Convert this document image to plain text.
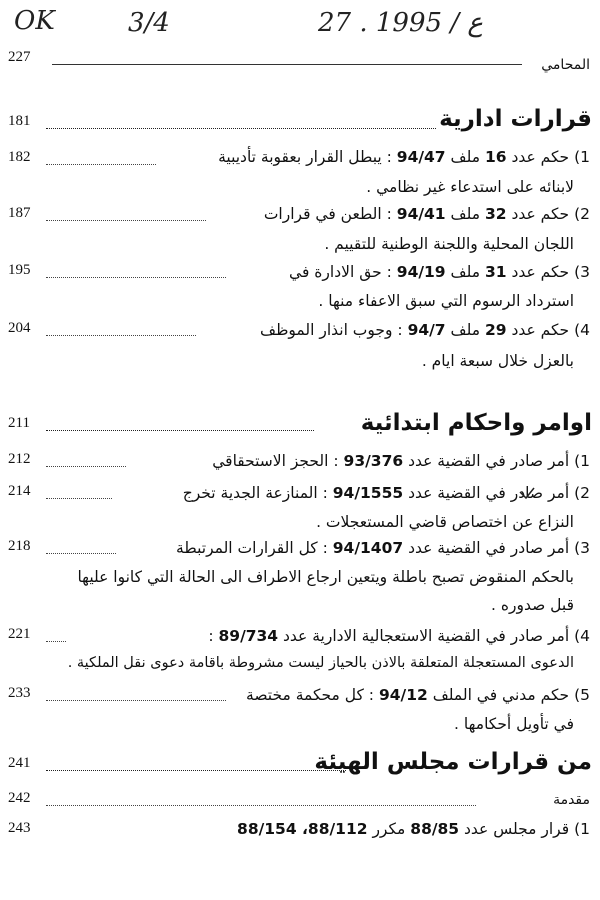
OK	3/4	27 . ع / 1995
227	المحامي
181	قرارات ادارية
182	1) حكم عدد 16 ملف 94/47 : يبطل القرار بعقوبة تأديبية
لابنائه على استدعاء غير نظامي .
187	2) حكم عدد 32 ملف 94/41 : الطعن في قرارات
اللجان المحلية واللجنة الوطنية للتقييم .
195	3) حكم عدد 31 ملف 94/19 : حق الادارة في
استرداد الرسوم التي سبق الاعفاء منها .
204	4) حكم عدد 29 ملف 94/7 : وجوب انذار الموظف
بالعزل خلال سبعة ايام .
211	اوامر واحكام ابتدائية
212	1) أمر صادر في القضية عدد 93/376 : الحجز الاستحقاقي
214	2) أمر صادر في القضية عدد 94/1555 : المنازعة الجدية تخرج
النزاع عن اختصاص قاضي المستعجلات .
218	3) أمر صادر في القضية عدد 94/1407 : كل القرارات المرتبطة
بالحكم المنقوض تصبح باطلة ويتعين ارجاع الاطراف الى الحالة التي كانوا عليها
قبل صدوره .
221	4) أمر صادر في القضية الاستعجالية الادارية عدد 89/734 :
الدعوى المستعجلة المتعلقة بالاذن بالحياز ليست مشروطة باقامة دعوى نقل الملكية .
233	5) حكم مدني في الملف 94/12 : كل محكمة مختصة
في تأويل أحكامها .
241	من قرارات مجلس الهيئة
242	مقدمة
243	1) قرار مجلس عدد 88/85 مكرر 88/112، 88/154
